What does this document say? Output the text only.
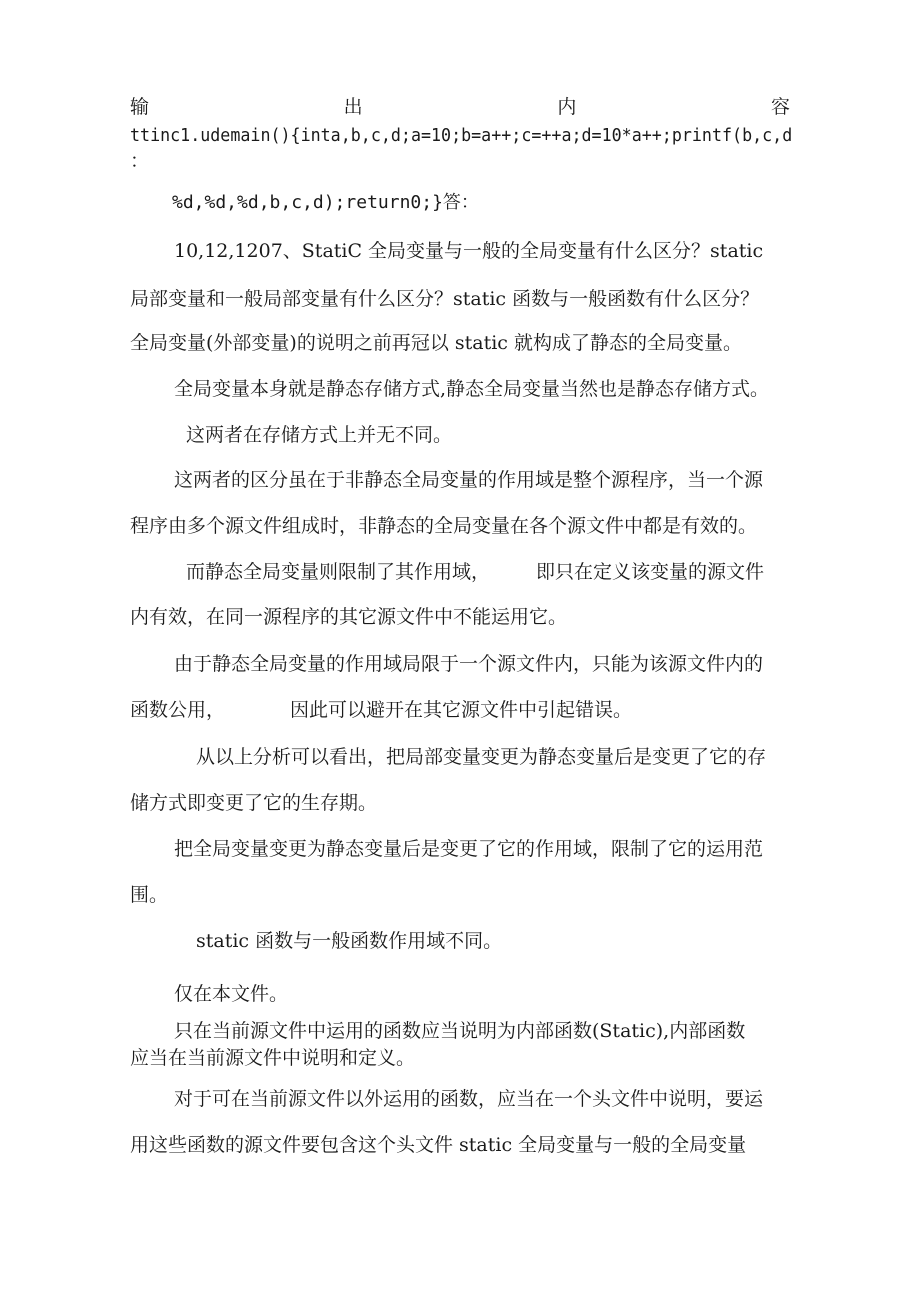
输	出	内	容
ttinc1.udemain(){inta,b,c,d;a=10;b=a++;c=++a;d=10*a++;printf(b,c,d
：
%d,%d,%d,b,c,d);return0;}答：
10,12,1207、StatiC 全局变量与一般的全局变量有什么区分？static
局部变量和一般局部变量有什么区分？static 函数与一般函数有什么区分？
全局变量(外部变量)的说明之前再冠以 static 就构成了静态的全局变量。
全局变量本身就是静态存储方式,静态全局变量当然也是静态存储方式。
这两者在存储方式上并无不同。
这两者的区分虽在于非静态全局变量的作用域是整个源程序，当一个源
程序由多个源文件组成时，非静态的全局变量在各个源文件中都是有效的。
而静态全局变量则限制了其作用域， 即只在定义该变量的源文件
内有效，在同一源程序的其它源文件中不能运用它。
由于静态全局变量的作用域局限于一个源文件内，只能为该源文件内的
函数公用，	因此可以避开在其它源文件中引起错误。
从以上分析可以看出，把局部变量变更为静态变量后是变更了它的存
储方式即变更了它的生存期。
把全局变量变更为静态变量后是变更了它的作用域，限制了它的运用范
围。
static 函数与一般函数作用域不同。
仅在本文件。
只在当前源文件中运用的函数应当说明为内部函数(Static),内部函数
应当在当前源文件中说明和定义。
对于可在当前源文件以外运用的函数，应当在一个头文件中说明，要运
用这些函数的源文件要包含这个头文件 static 全局变量与一般的全局变量
